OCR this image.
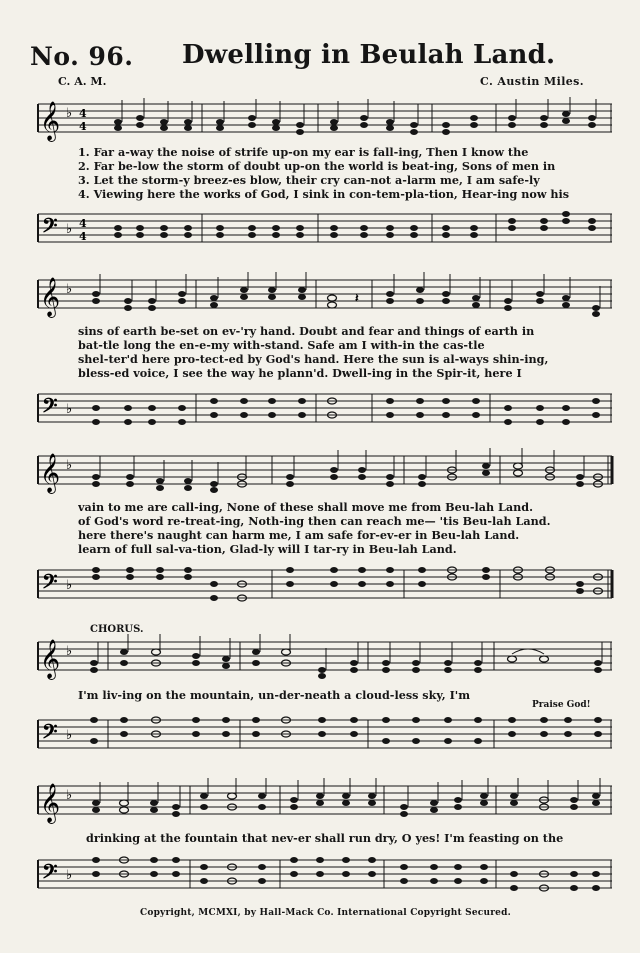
No. 96. Dwelling in Beulah Land.
C. A. M.	C. Austin Miles.
𝄞 ♭ 4
4
1. Far a-way the noise of strife up-on my ear is fall-ing, Then I know the
2. Far be-low the storm of doubt up-on the world is beat-ing, Sons of men in
3. Let the storm-y breez-es blow, their cry can-not a-larm me, I am safe-ly
4. Viewing here the works of God, I sink in con-tem-pla-tion, Hear-ing now his
𝄢 ♭ 4
4
𝄞 ♭
𝄽
sins of earth be-set on ev-'ry hand. Doubt and fear and things of earth in
bat-tle long the en-e-my with-stand. Safe am I with-in the cas-tle
shel-ter'd here pro-tect-ed by God's hand. Here the sun is al-ways shin-ing,
bless-ed voice, I see the way he plann'd. Dwell-ing in the Spir-it, here I
𝄢 ♭
𝄞 ♭
vain to me are call-ing, None of these shall move me from Beu-lah Land.
of God's word re-treat-ing, Noth-ing then can reach me— 'tis Beu-lah Land.
here there's naught can harm me, I am safe for-ev-er in Beu-lah Land.
learn of full sal-va-tion, Glad-ly will I tar-ry in Beu-lah Land.
𝄢 ♭
CHORUS.
𝄞 ♭
I'm liv-ing on the mountain, un-der-neath a cloud-less sky, I'm
Praise God!
𝄢 ♭
𝄞 ♭
drinking at the fountain that nev-er shall run dry, O yes! I'm feasting on the
𝄢 ♭
Copyright, MCMXI, by Hall-Mack Co. International Copyright Secured.
